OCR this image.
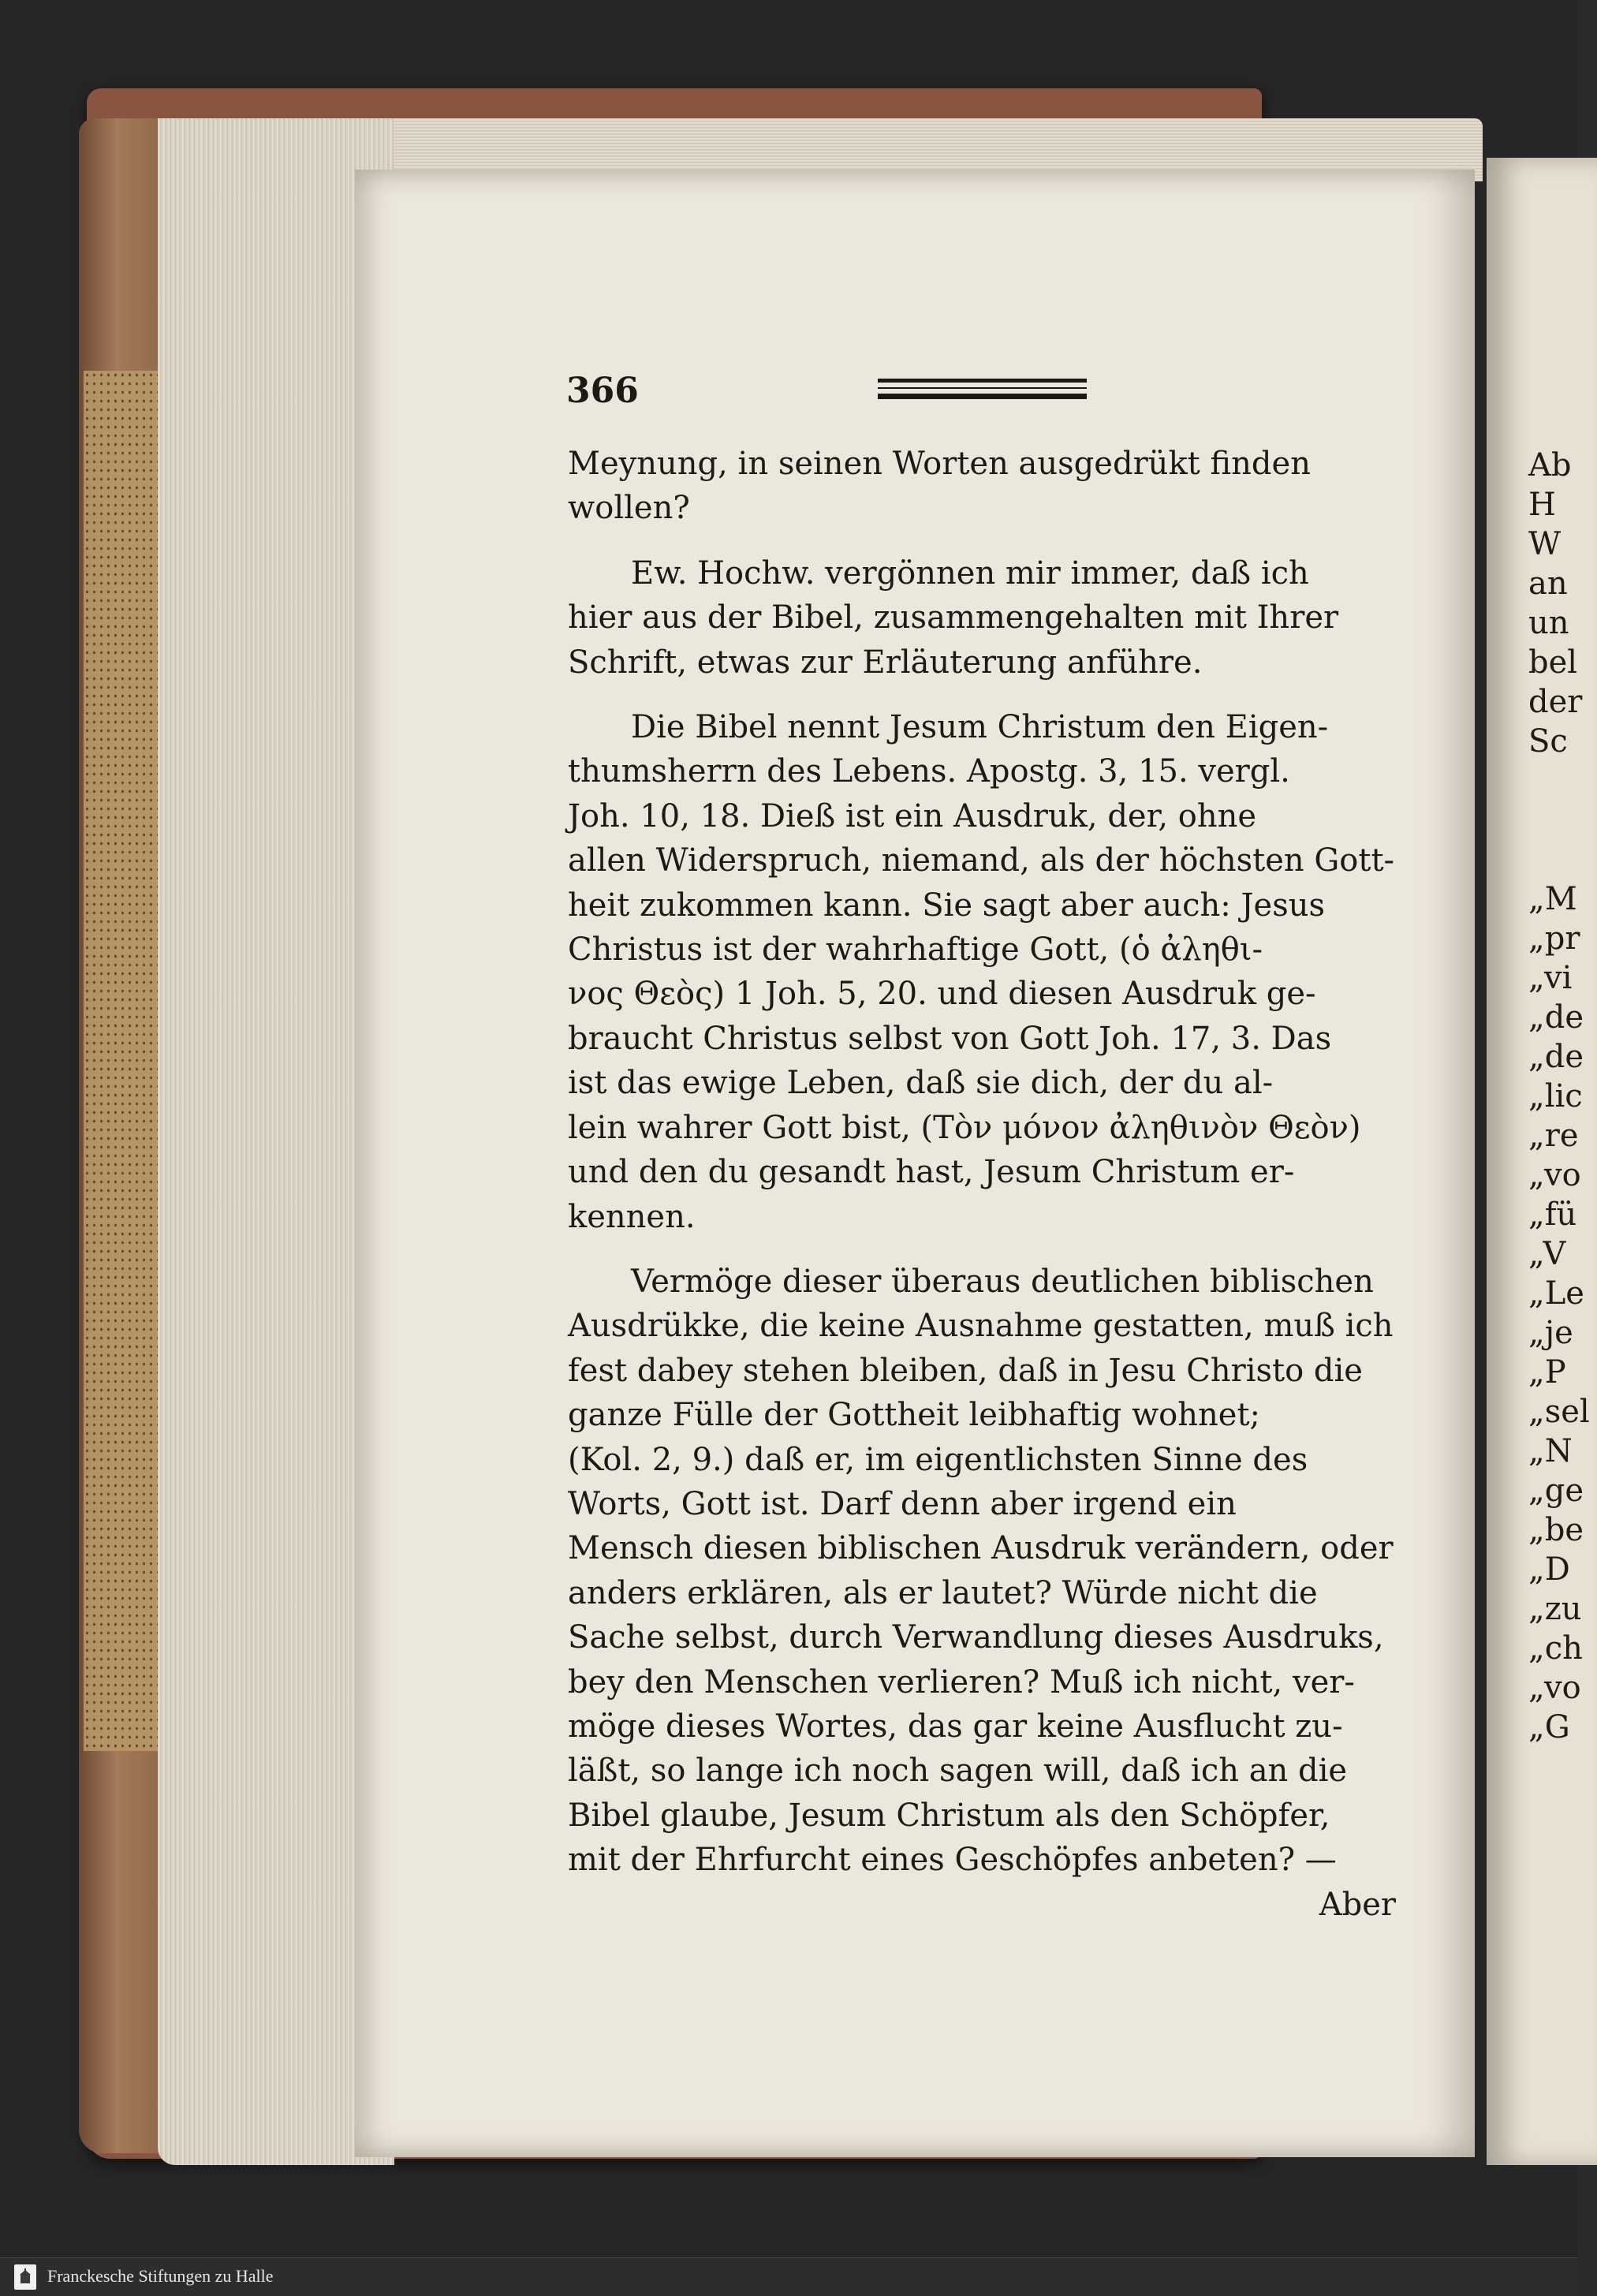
366

Meynung, in seinen Worten ausgedrükt finden
wollen?

Ew. Hochw. vergönnen mir immer, daß ich
hier aus der Bibel, zusammengehalten mit Ihrer
Schrift, etwas zur Erläuterung anführe.

Die Bibel nennt Jesum Christum den Eigen-
thumsherrn des Lebens. Apostg. 3, 15. vergl.
Joh. 10, 18. Dieß ist ein Ausdruk, der, ohne
allen Widerspruch, niemand, als der höchsten Gott-
heit zukommen kann. Sie sagt aber auch: Jesus
Christus ist der wahrhaftige Gott, (ὁ ἀληθι-
νος Θεὸς) 1 Joh. 5, 20. und diesen Ausdruk ge-
braucht Christus selbst von Gott Joh. 17, 3. Das
ist das ewige Leben, daß sie dich, der du al-
lein wahrer Gott bist, (Τὸν μόνον ἀληθινὸν Θεὸν)
und den du gesandt hast, Jesum Christum er-
kennen.

Vermöge dieser überaus deutlichen biblischen
Ausdrükke, die keine Ausnahme gestatten, muß ich
fest dabey stehen bleiben, daß in Jesu Christo die
ganze Fülle der Gottheit leibhaftig wohnet;
(Kol. 2, 9.) daß er, im eigentlichsten Sinne des
Worts, Gott ist. Darf denn aber irgend ein
Mensch diesen biblischen Ausdruk verändern, oder
anders erklären, als er lautet? Würde nicht die
Sache selbst, durch Verwandlung dieses Ausdruks,
bey den Menschen verlieren? Muß ich nicht, ver-
möge dieses Wortes, das gar keine Ausflucht zu-
läßt, so lange ich noch sagen will, daß ich an die
Bibel glaube, Jesum Christum als den Schöpfer,
mit der Ehrfurcht eines Geschöpfes anbeten? —

Aber
Ab
H
W
an
un
bel
der
Sc
„M
„pr
„vi
„de
„de
„lic
„re
„vo
„fü
„V
„Le
„je
„P
„sel
„N
„ge
„be
„D
„zu
„ch
„vo
„G
Franckesche Stiftungen zu Halle
